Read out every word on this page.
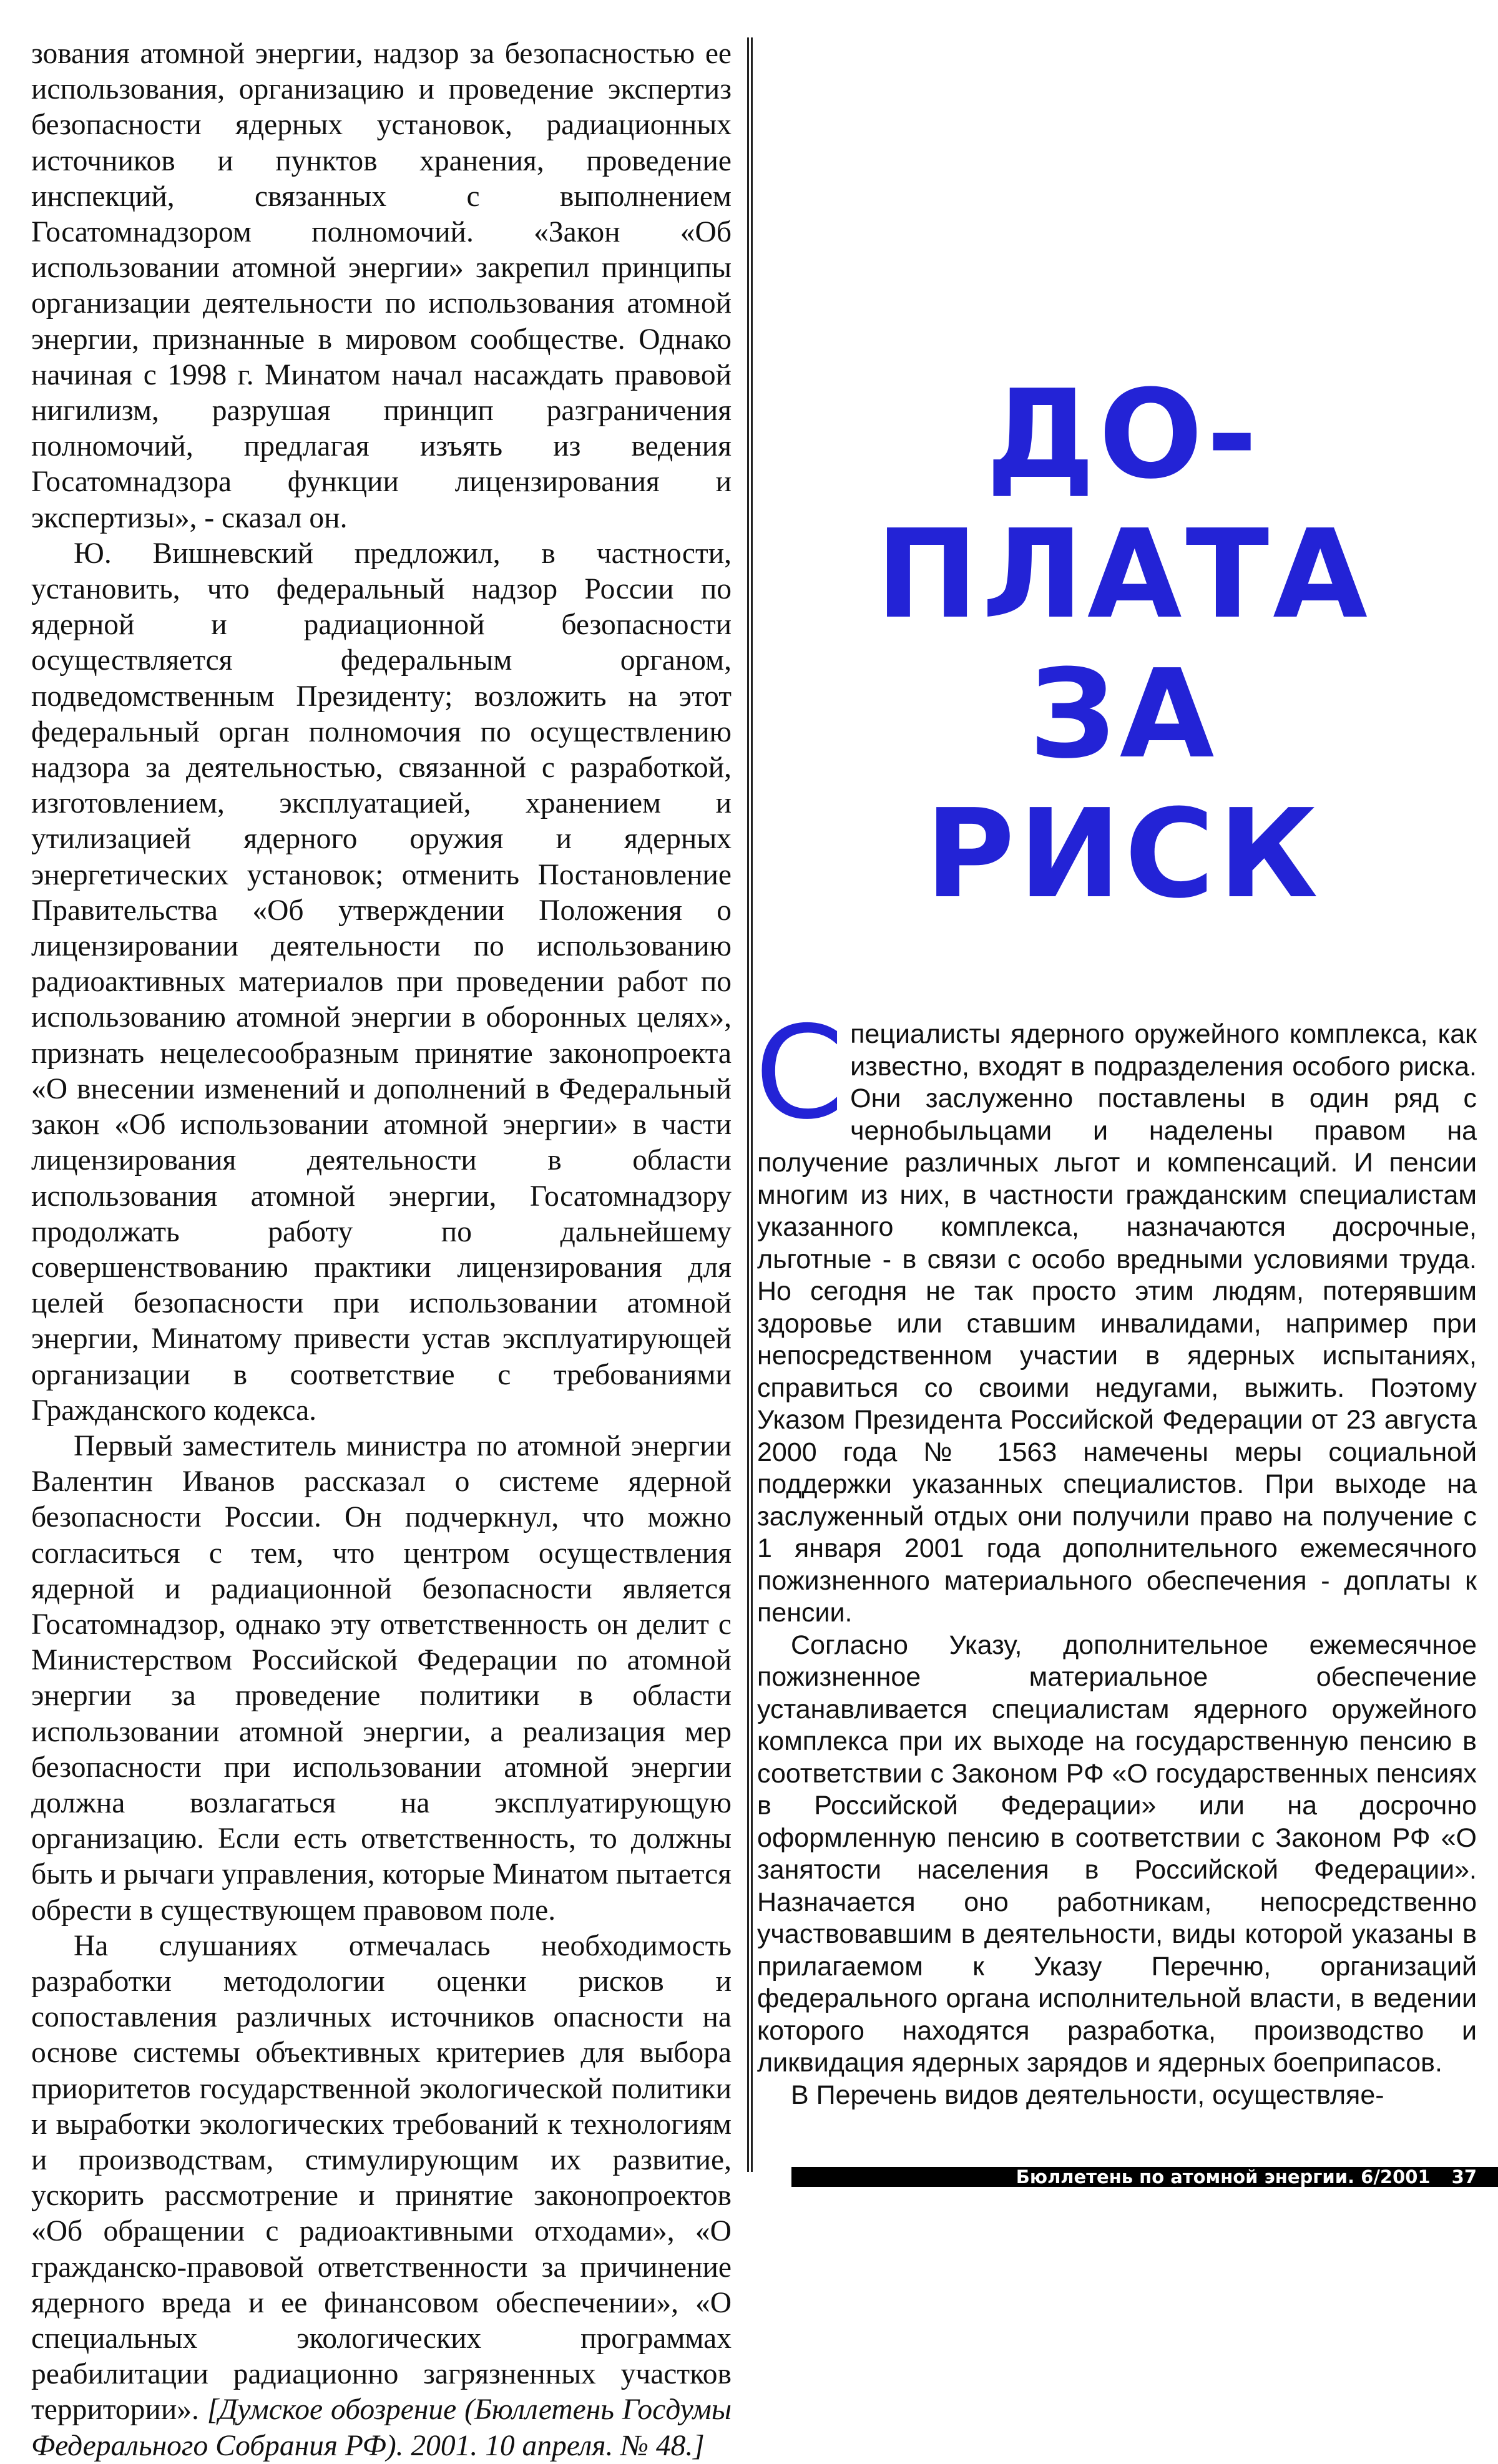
зования атомной энергии, надзор за безопасностью ее использования, организацию и проведение экспертиз безопасности ядерных установок, радиационных источников и пунктов хранения, проведение инспекций, связанных с выполнением Госатомнадзором полномочий. «Закон «Об использовании атомной энергии» закрепил принципы организации деятельности по использования атомной энергии, признанные в мировом сообществе. Однако начиная с 1998 г. Минатом начал насаждать правовой нигилизм, разрушая принцип разграничения полномочий, предлагая изъять из ведения Госатомнадзора функции лицензирования и экспертизы», - сказал он.

Ю. Вишневский предложил, в частности, установить, что федеральный надзор России по ядерной и радиационной безопасности осуществляется федеральным органом, подведомственным Президенту; возложить на этот федеральный орган полномочия по осуществлению надзора за деятельностью, связанной с разработкой, изготовлением, эксплуатацией, хранением и утилизацией ядерного оружия и ядерных энергетических установок; отменить Постановление Правительства «Об утверждении Положения о лицензировании деятельности по использованию радиоактивных материалов при проведении работ по использованию атомной энергии в оборонных целях», признать нецелесообразным принятие законопроекта «О внесении изменений и дополнений в Федеральный закон «Об использовании атомной энергии» в части лицензирования деятельности в области использования атомной энергии, Госатомнадзору продолжать работу по дальнейшему совершенствованию практики лицензирования для целей безопасности при использовании атомной энергии, Минатому привести устав эксплуатирующей организации в соответствие с требованиями Гражданского кодекса.

Первый заместитель министра по атомной энергии Валентин Иванов рассказал о системе ядерной безопасности России. Он подчеркнул, что можно согласиться с тем, что центром осуществления ядерной и радиационной безопасности является Госатомнадзор, однако эту ответственность он делит с Министерством Российской Федерации по атомной энергии за проведение политики в области использовании атомной энергии, а реализация мер безопасности при использовании атомной энергии должна возлагаться на эксплуатирующую организацию. Если есть ответственность, то должны быть и рычаги управления, которые Минатом пытается обрести в существующем правовом поле.

На слушаниях отмечалась необходимость разработки методологии оценки рисков и сопоставления различных источников опасности на основе системы объективных критериев для выбора приоритетов государственной экологической политики и выработки экологических требований к технологиям и производствам, стимулирующим их развитие, ускорить рассмотрение и принятие законопроектов «Об обращении с радиоактивными отходами», «О гражданско-правовой ответственности за причинение ядерного вреда и ее финансовом обеспечении», «О специальных экологических программах реабилитации радиационно загрязненных участков территории». [Думское обозрение (Бюллетень Госдумы Федерального Собрания РФ). 2001. 10 апреля. № 48.]

ДО-
ПЛАТА
ЗА
РИСК

Специалисты ядерного оружейного комплекса, как известно, входят в подразделения особого риска. Они заслуженно поставлены в один ряд с чернобыльцами и наделены правом на получение различных льгот и компенсаций. И пенсии многим из них, в частности гражданским специалистам указанного комплекса, назначаются досрочные, льготные - в связи с особо вредными условиями труда. Но сегодня не так просто этим людям, потерявшим здоровье или ставшим инвалидами, например при непосредственном участии в ядерных испытаниях, справиться со своими недугами, выжить. Поэтому Указом Президента Российской Федерации от 23 августа 2000 года № 1563 намечены меры социальной поддержки указанных специалистов. При выходе на заслуженный отдых они получили право на получение с 1 января 2001 года дополнительного ежемесячного пожизненного материального обеспечения - доплаты к пенсии.

Согласно Указу, дополнительное ежемесячное пожизненное материальное обеспечение устанавливается специалистам ядерного оружейного комплекса при их выходе на государственную пенсию в соответствии с Законом РФ «О государственных пенсиях в Российской Федерации» или на досрочно оформленную пенсию в соответствии с Законом РФ «О занятости населения в Российской Федерации». Назначается оно работникам, непосредственно участвовавшим в деятельности, виды которой указаны в прилагаемом к Указу Перечню, организаций федерального органа исполнительной власти, в ведении которого находятся разработка, производство и ликвидация ядерных зарядов и ядерных боеприпасов.

В Перечень видов деятельности, осуществляе-

Бюллетень по атомной энергии. 6/2001 37
